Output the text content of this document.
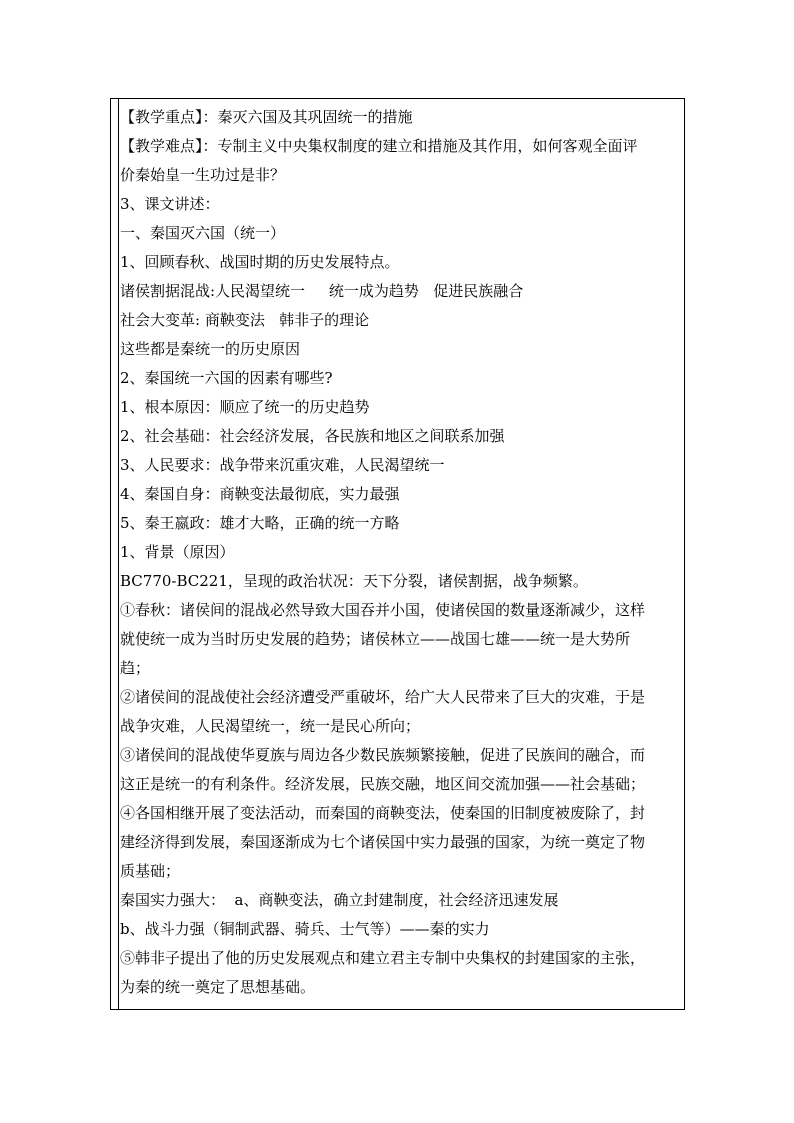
【教学重点】：秦灭六国及其巩固统一的措施
【教学难点】：专制主义中央集权制度的建立和措施及其作用，如何客观全面评
价秦始皇一生功过是非？
3、课文讲述：
一、秦国灭六国（统一）
1、回顾春秋、战国时期的历史发展特点。
诸侯割据混战:人民渴望统一     统一成为趋势   促进民族融合
社会大变革: 商鞅变法   韩非子的理论
这些都是秦统一的历史原因
2、秦国统一六国的因素有哪些?
1、根本原因：顺应了统一的历史趋势
2、社会基础：社会经济发展，各民族和地区之间联系加强
3、人民要求：战争带来沉重灾难，人民渴望统一
4、秦国自身：商鞅变法最彻底，实力最强
5、秦王嬴政：雄才大略，正确的统一方略
1、背景（原因）
BC770-BC221，呈现的政治状况：天下分裂，诸侯割据，战争频繁。
①春秋：诸侯间的混战必然导致大国吞并小国，使诸侯国的数量逐渐减少，这样
就使统一成为当时历史发展的趋势；诸侯林立——战国七雄——统一是大势所
趋；
②诸侯间的混战使社会经济遭受严重破坏，给广大人民带来了巨大的灾难，于是
战争灾难，人民渴望统一，统一是民心所向；
③诸侯间的混战使华夏族与周边各少数民族频繁接触，促进了民族间的融合，而
这正是统一的有利条件。经济发展，民族交融，地区间交流加强——社会基础；
④各国相继开展了变法活动，而秦国的商鞅变法，使秦国的旧制度被废除了，封
建经济得到发展，秦国逐渐成为七个诸侯国中实力最强的国家，为统一奠定了物
质基础；
秦国实力强大：  a、商鞅变法，确立封建制度，社会经济迅速发展
b、战斗力强（铜制武器、骑兵、士气等）——秦的实力
⑤韩非子提出了他的历史发展观点和建立君主专制中央集权的封建国家的主张，
为秦的统一奠定了思想基础。
